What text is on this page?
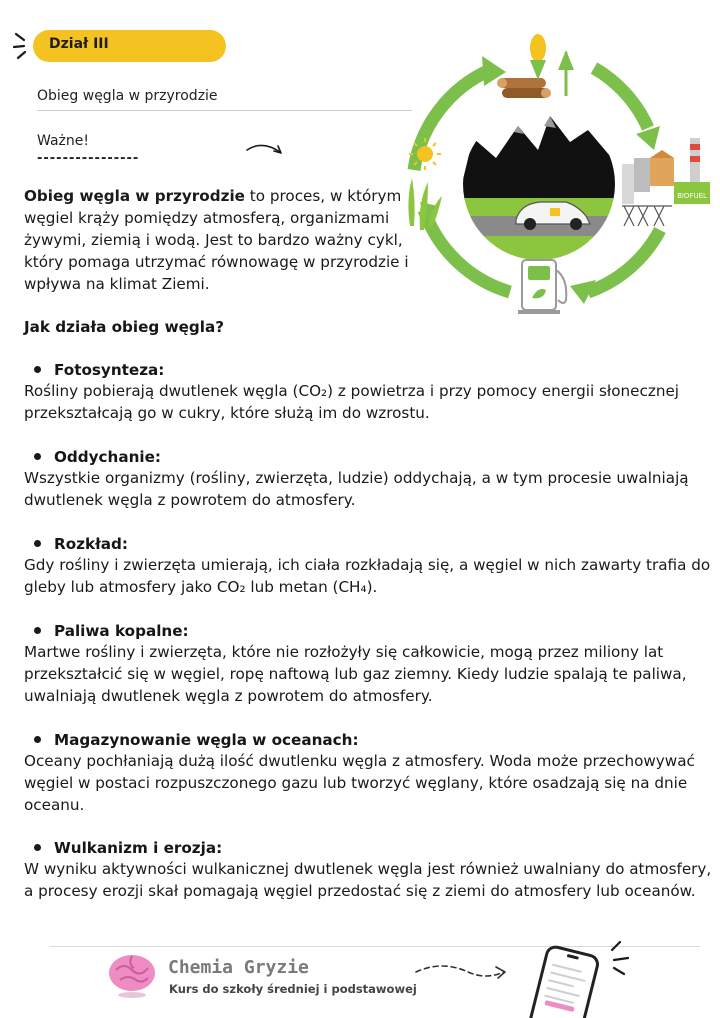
Dział III
Obieg węgla w przyrodzie
Ważne!
----------------
Obieg węgla w przyrodzie to proces, w którym węgiel krąży pomiędzy atmosferą, organizmami żywymi, ziemią i wodą. Jest to bardzo ważny cykl, który pomaga utrzymać równowagę w przyrodzie i wpływa na klimat Ziemi.
Jak działa obieg węgla?
Fotosynteza:
Rośliny pobierają dwutlenek węgla (CO₂) z powietrza i przy pomocy energii słonecznej przekształcają go w cukry, które służą im do wzrostu.
Oddychanie:
Wszystkie organizmy (rośliny, zwierzęta, ludzie) oddychają, a w tym procesie uwalniają dwutlenek węgla z powrotem do atmosfery.
Rozkład:
Gdy rośliny i zwierzęta umierają, ich ciała rozkładają się, a węgiel w nich zawarty trafia do gleby lub atmosfery jako CO₂ lub metan (CH₄).
Paliwa kopalne:
Martwe rośliny i zwierzęta, które nie rozłożyły się całkowicie, mogą przez miliony lat przekształcić się w węgiel, ropę naftową lub gaz ziemny. Kiedy ludzie spalają te paliwa, uwalniają dwutlenek węgla z powrotem do atmosfery.
Magazynowanie węgla w oceanach:
Oceany pochłaniają dużą ilość dwutlenku węgla z atmosfery. Woda może przechowywać węgiel w postaci rozpuszczonego gazu lub tworzyć węglany, które osadzają się na dnie oceanu.
Wulkanizm i erozja:
W wyniku aktywności wulkanicznej dwutlenek węgla jest również uwalniany do atmosfery, a procesy erozji skał pomagają węgiel przedostać się z ziemi do atmosfery lub oceanów.
BIOFUEL
Chemia Gryzie
Kurs do szkoły średniej i podstawowej
